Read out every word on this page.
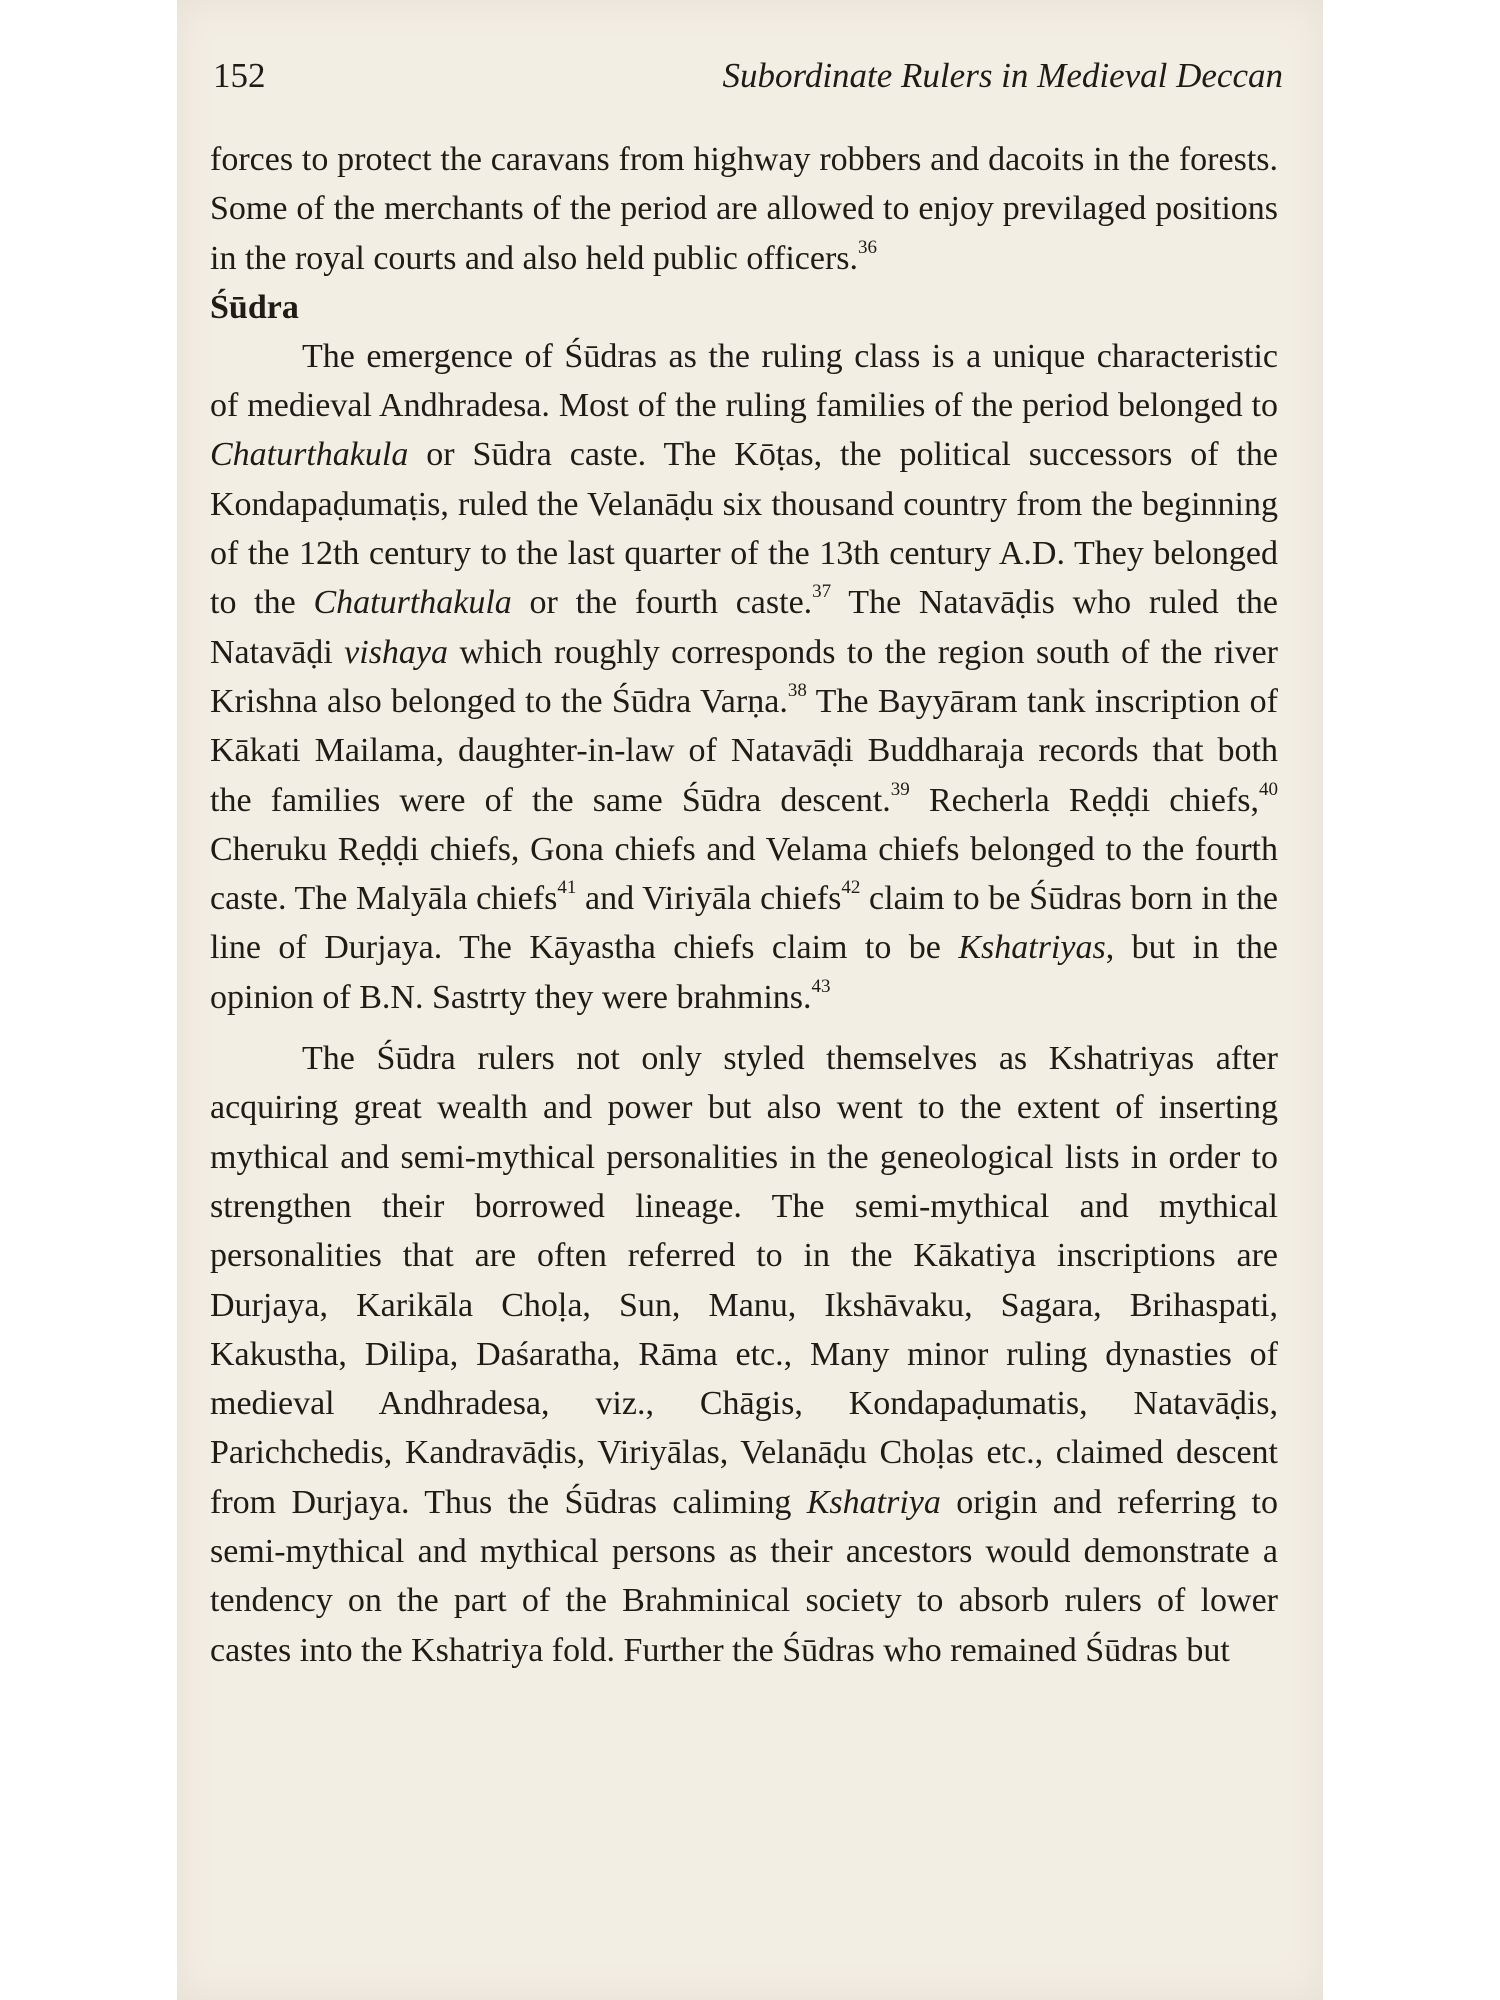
152	Subordinate Rulers in Medieval Deccan

forces to protect the caravans from highway robbers and dacoits in the forests. Some of the merchants of the period are allowed to enjoy previlaged positions in the royal courts and also held public officers.$^{36}$

Śūdra

The emergence of Śūdras as the ruling class is a unique characteristic of medieval Andhradesa. Most of the ruling families of the period belonged to Chaturthakula or Sūdra caste. The Kōṭas, the political successors of the Kondapaḍumaṭis, ruled the Velanāḍu six thousand country from the beginning of the 12th century to the last quarter of the 13th century A.D. They belonged to the Chaturthakula or the fourth caste.$^{37}$ The Natavāḍis who ruled the Natavāḍi vishaya which roughly corresponds to the region south of the river Krishna also belonged to the Śūdra Varṇa.$^{38}$ The Bayyāram tank inscription of Kākati Mailama, daughter-in-law of Natavāḍi Buddharaja records that both the families were of the same Śūdra descent.$^{39}$ Recherla Reḍḍi chiefs,$^{40}$ Cheruku Reḍḍi chiefs, Gona chiefs and Velama chiefs belonged to the fourth caste. The Malyāla chiefs$^{41}$ and Viriyāla chiefs$^{42}$ claim to be Śūdras born in the line of Durjaya. The Kāyastha chiefs claim to be Kshatriyas, but in the opinion of B.N. Sastrty they were brahmins.$^{43}$

The Śūdra rulers not only styled themselves as Kshatriyas after acquiring great wealth and power but also went to the extent of inserting mythical and semi-mythical personalities in the geneological lists in order to strengthen their borrowed lineage. The semi-mythical and mythical personalities that are often referred to in the Kākatiya inscriptions are Durjaya, Karikāla Choḷa, Sun, Manu, Ikshāvaku, Sagara, Brihaspati, Kakustha, Dilipa, Daśaratha, Rāma etc., Many minor ruling dynasties of medieval Andhradesa, viz., Chāgis, Kondapaḍumatis, Natavāḍis, Parichchedis, Kandravāḍis, Viriyālas, Velanāḍu Choḷas etc., claimed descent from Durjaya. Thus the Śūdras caliming Kshatriya origin and referring to semi-mythical and mythical persons as their ancestors would demonstrate a tendency on the part of the Brahminical society to absorb rulers of lower castes into the Kshatriya fold. Further the Śūdras who remained Śūdras but
